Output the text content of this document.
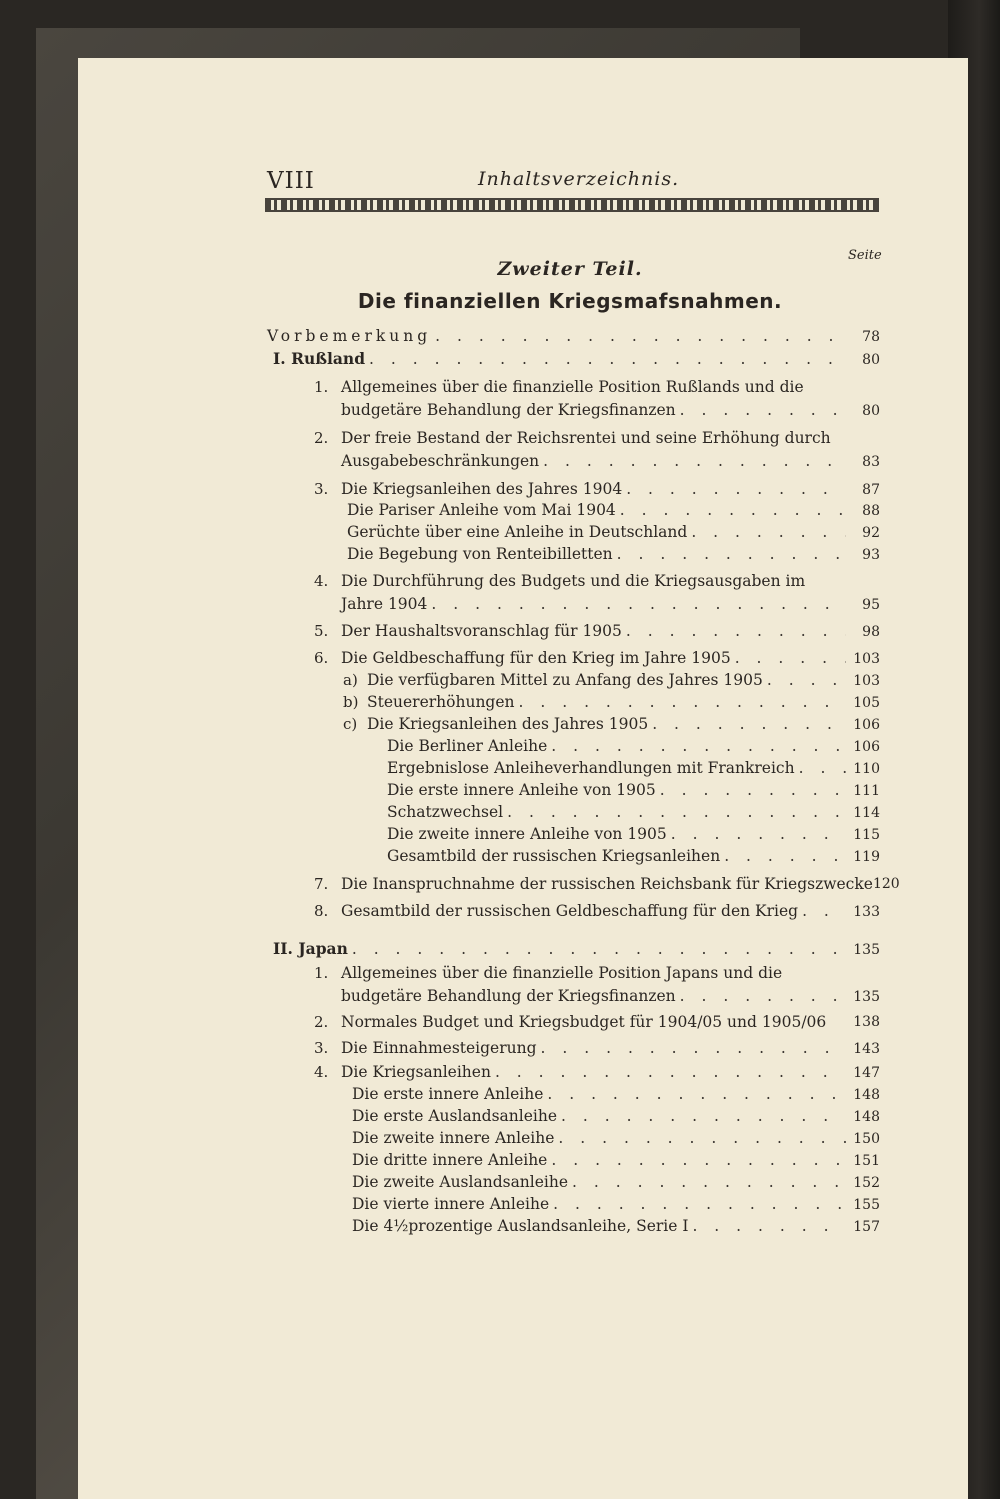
VIII	Inhaltsverzeichnis.
Seite
Zweiter Teil.
Die finanziellen Kriegsmafsnahmen.
Vorbemerkung . . .	78
I. Rußland . . .	80
1. Allgemeines über die finanzielle Position Rußlands und die
budgetäre Behandlung der Kriegsfinanzen . . .	80
2. Der freie Bestand der Reichsrentei und seine Erhöhung durch
Ausgabebeschränkungen . . .	83
3. Die Kriegsanleihen des Jahres 1904 . . .	87
Die Pariser Anleihe vom Mai 1904 . . .	88
Gerüchte über eine Anleihe in Deutschland . . .	92
Die Begebung von Renteibilletten . . .	93
4. Die Durchführung des Budgets und die Kriegsausgaben im
Jahre 1904 . . .	95
5. Der Haushaltsvoranschlag für 1905 . . .	98
6. Die Geldbeschaffung für den Krieg im Jahre 1905 . . .	103
a) Die verfügbaren Mittel zu Anfang des Jahres 1905 . . .	103
b) Steuererhöhungen . . .	105
c) Die Kriegsanleihen des Jahres 1905 . . .	106
Die Berliner Anleihe . . .	106
Ergebnislose Anleiheverhandlungen mit Frankreich . . .	110
Die erste innere Anleihe von 1905 . . .	111
Schatzwechsel . . .	114
Die zweite innere Anleihe von 1905 . . .	115
Gesamtbild der russischen Kriegsanleihen . . .	119
7. Die Inanspruchnahme der russischen Reichsbank für Kriegszwecke 120
8. Gesamtbild der russischen Geldbeschaffung für den Krieg . . .	133
II. Japan . . .	135
1. Allgemeines über die finanzielle Position Japans und die
budgetäre Behandlung der Kriegsfinanzen . . .	135
2. Normales Budget und Kriegsbudget für 1904/05 und 1905/06 138
3. Die Einnahmesteigerung . . .	143
4. Die Kriegsanleihen . . .	147
Die erste innere Anleihe . . .	148
Die erste Auslandsanleihe . . .	148
Die zweite innere Anleihe . . .	150
Die dritte innere Anleihe . . .	151
Die zweite Auslandsanleihe . . .	152
Die vierte innere Anleihe . . .	155
Die 4½prozentige Auslandsanleihe, Serie I . . .	157
